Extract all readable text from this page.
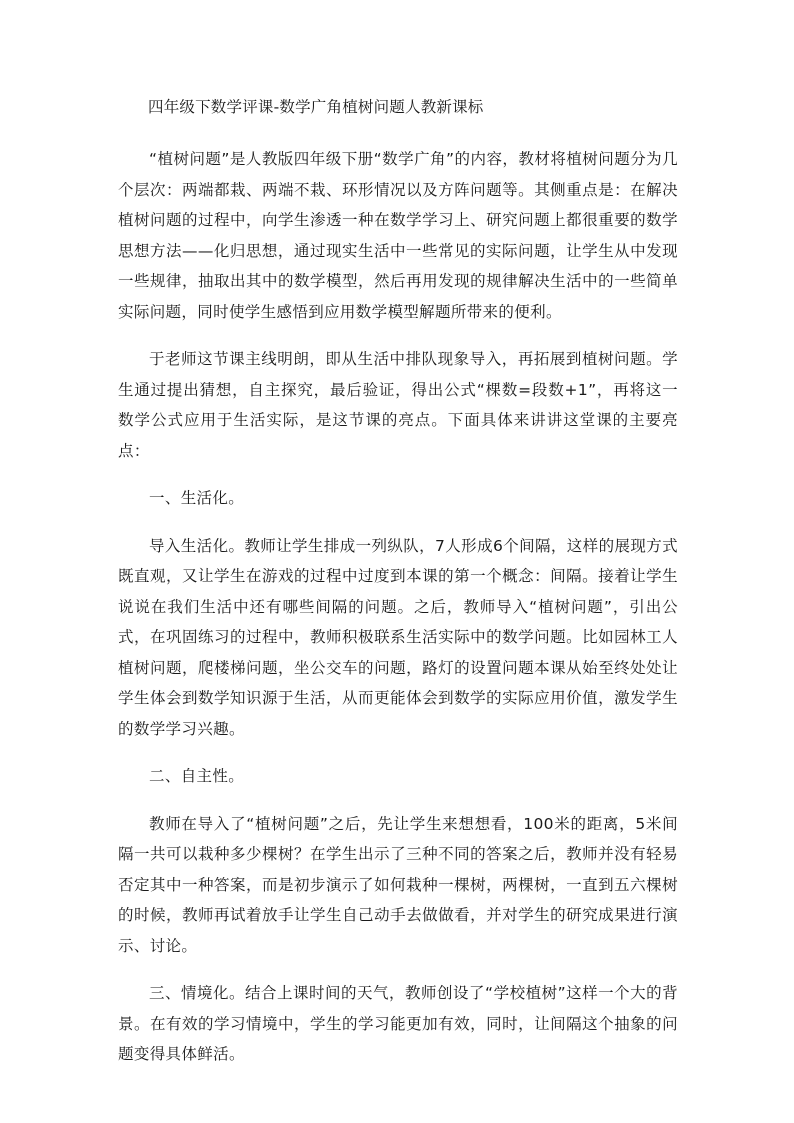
四年级下数学评课-数学广角植树问题人教新课标

“植树问题”是人教版四年级下册“数学广角”的内容，教材将植树问题分为几个层次：两端都栽、两端不栽、环形情况以及方阵问题等。其侧重点是：在解决植树问题的过程中，向学生渗透一种在数学学习上、研究问题上都很重要的数学思想方法——化归思想，通过现实生活中一些常见的实际问题，让学生从中发现一些规律，抽取出其中的数学模型，然后再用发现的规律解决生活中的一些简单实际问题，同时使学生感悟到应用数学模型解题所带来的便利。

于老师这节课主线明朗，即从生活中排队现象导入，再拓展到植树问题。学生通过提出猜想，自主探究，最后验证，得出公式“棵数=段数+1”，再将这一数学公式应用于生活实际，是这节课的亮点。下面具体来讲讲这堂课的主要亮点：

一、生活化。

导入生活化。教师让学生排成一列纵队，7人形成6个间隔，这样的展现方式既直观，又让学生在游戏的过程中过度到本课的第一个概念：间隔。接着让学生说说在我们生活中还有哪些间隔的问题。之后，教师导入“植树问题”，引出公式，在巩固练习的过程中，教师积极联系生活实际中的数学问题。比如园林工人植树问题，爬楼梯问题，坐公交车的问题，路灯的设置问题本课从始至终处处让学生体会到数学知识源于生活，从而更能体会到数学的实际应用价值，激发学生的数学学习兴趣。

二、自主性。

教师在导入了“植树问题”之后，先让学生来想想看，100米的距离，5米间隔一共可以栽种多少棵树？在学生出示了三种不同的答案之后，教师并没有轻易否定其中一种答案，而是初步演示了如何栽种一棵树，两棵树，一直到五六棵树的时候，教师再试着放手让学生自己动手去做做看，并对学生的研究成果进行演示、讨论。

三、情境化。结合上课时间的天气，教师创设了“学校植树”这样一个大的背景。在有效的学习情境中，学生的学习能更加有效，同时，让间隔这个抽象的问题变得具体鲜活。
